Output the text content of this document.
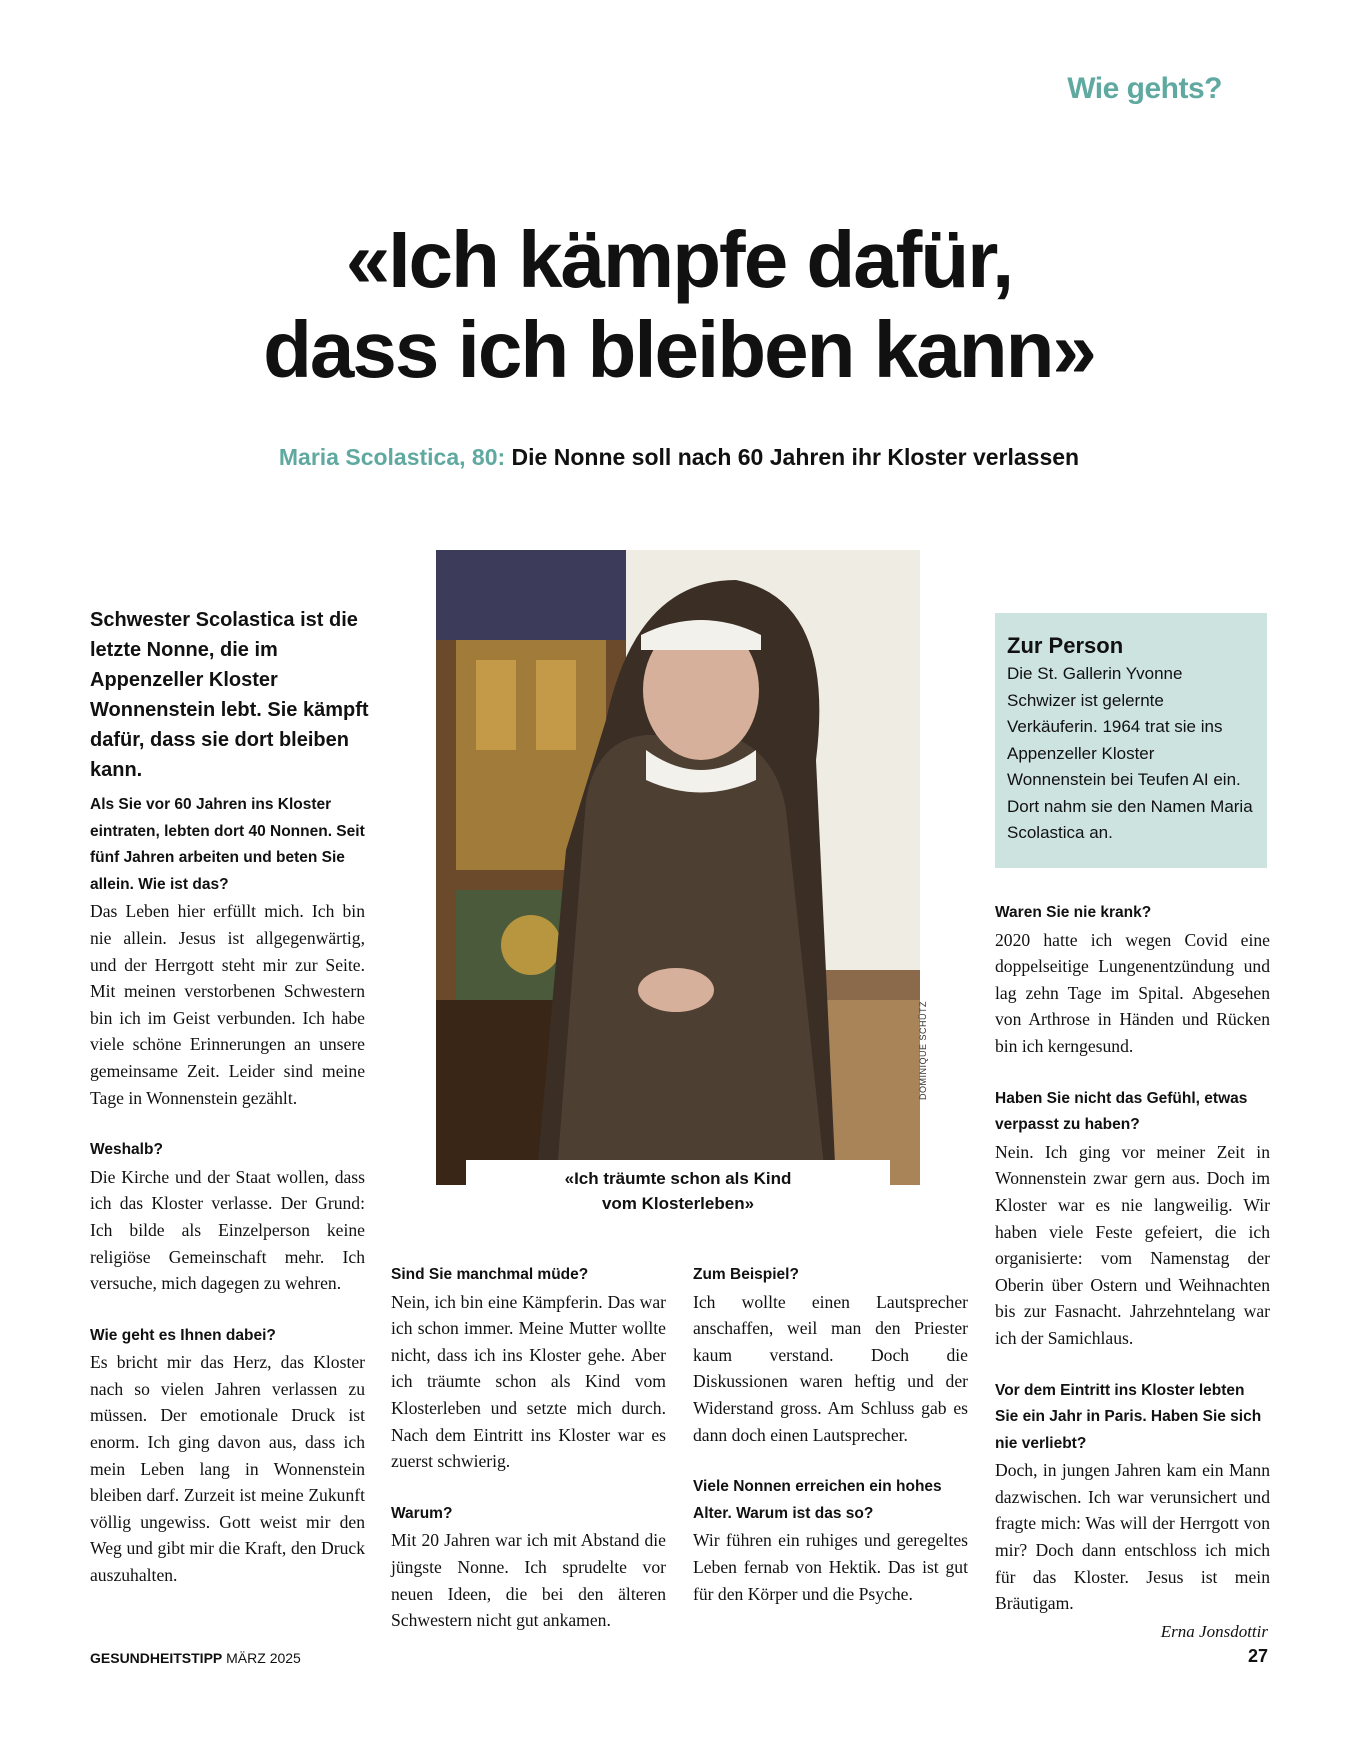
Wie gehts?
«Ich kämpfe dafür,
dass ich bleiben kann»
Maria Scolastica, 80: Die Nonne soll nach 60 Jahren ihr Kloster verlassen
Schwester Scolastica ist die letzte Nonne, die im Appenzeller Kloster Wonnenstein lebt. Sie kämpft dafür, dass sie dort bleiben kann.
DOMINIQUE SCHÜTZ
«Ich träumte schon als Kind
vom Klosterleben»

Als Sie vor 60 Jahren ins Kloster eintraten, lebten dort 40 Nonnen. Seit fünf Jahren arbeiten und beten Sie allein. Wie ist das?
Das Leben hier erfüllt mich. Ich bin nie allein. Jesus ist allgegenwärtig, und der Herrgott steht mir zur Seite. Mit meinen verstorbenen Schwestern bin ich im Geist verbunden. Ich habe viele schöne Erinnerungen an unsere gemeinsame Zeit. Leider sind meine Tage in Wonnenstein gezählt.

Weshalb?
Die Kirche und der Staat wollen, dass ich das Kloster verlasse. Der Grund: Ich bilde als Einzelperson keine religiöse Gemeinschaft mehr. Ich versuche, mich dagegen zu wehren.

Wie geht es Ihnen dabei?
Es bricht mir das Herz, das Kloster nach so vielen Jahren verlassen zu müssen. Der emotionale Druck ist enorm. Ich ging davon aus, dass ich mein Leben lang in Wonnenstein bleiben darf. Zurzeit ist meine Zukunft völlig ungewiss. Gott weist mir den Weg und gibt mir die Kraft, den Druck auszuhalten.

Sind Sie manchmal müde?
Nein, ich bin eine Kämpferin. Das war ich schon immer. Meine Mutter wollte nicht, dass ich ins Kloster gehe. Aber ich träumte schon als Kind vom Klosterleben und setzte mich durch. Nach dem Eintritt ins Kloster war es zuerst schwierig.

Warum?
Mit 20 Jahren war ich mit Abstand die jüngste Nonne. Ich sprudelte vor neuen Ideen, die bei den älteren Schwestern nicht gut ankamen.

Zum Beispiel?
Ich wollte einen Lautsprecher anschaffen, weil man den Priester kaum verstand. Doch die Diskussionen waren heftig und der Widerstand gross. Am Schluss gab es dann doch einen Lautsprecher.

Viele Nonnen erreichen ein hohes Alter. Warum ist das so?
Wir führen ein ruhiges und geregeltes Leben fernab von Hektik. Das ist gut für den Körper und die Psyche.

Zur Person
Die St. Gallerin Yvonne Schwizer ist gelernte Verkäuferin. 1964 trat sie ins Appenzeller Kloster Wonnenstein bei Teufen AI ein. Dort nahm sie den Namen Maria Scolastica an.

Waren Sie nie krank?
2020 hatte ich wegen Covid eine doppelseitige Lungenentzündung und lag zehn Tage im Spital. Abgesehen von Arthrose in Händen und Rücken bin ich kerngesund.

Haben Sie nicht das Gefühl, etwas verpasst zu haben?
Nein. Ich ging vor meiner Zeit in Wonnenstein zwar gern aus. Doch im Kloster war es nie langweilig. Wir haben viele Feste gefeiert, die ich organisierte: vom Namenstag der Oberin über Ostern und Weihnachten bis zur Fasnacht. Jahrzehntelang war ich der Samichlaus.

Vor dem Eintritt ins Kloster lebten Sie ein Jahr in Paris. Haben Sie sich nie verliebt?
Doch, in jungen Jahren kam ein Mann dazwischen. Ich war verunsichert und fragte mich: Was will der Herrgott von mir? Doch dann entschloss ich mich für das Kloster. Jesus ist mein Bräutigam.

Erna Jonsdottir
GESUNDHEITSTIPP MÄRZ 2025	27
